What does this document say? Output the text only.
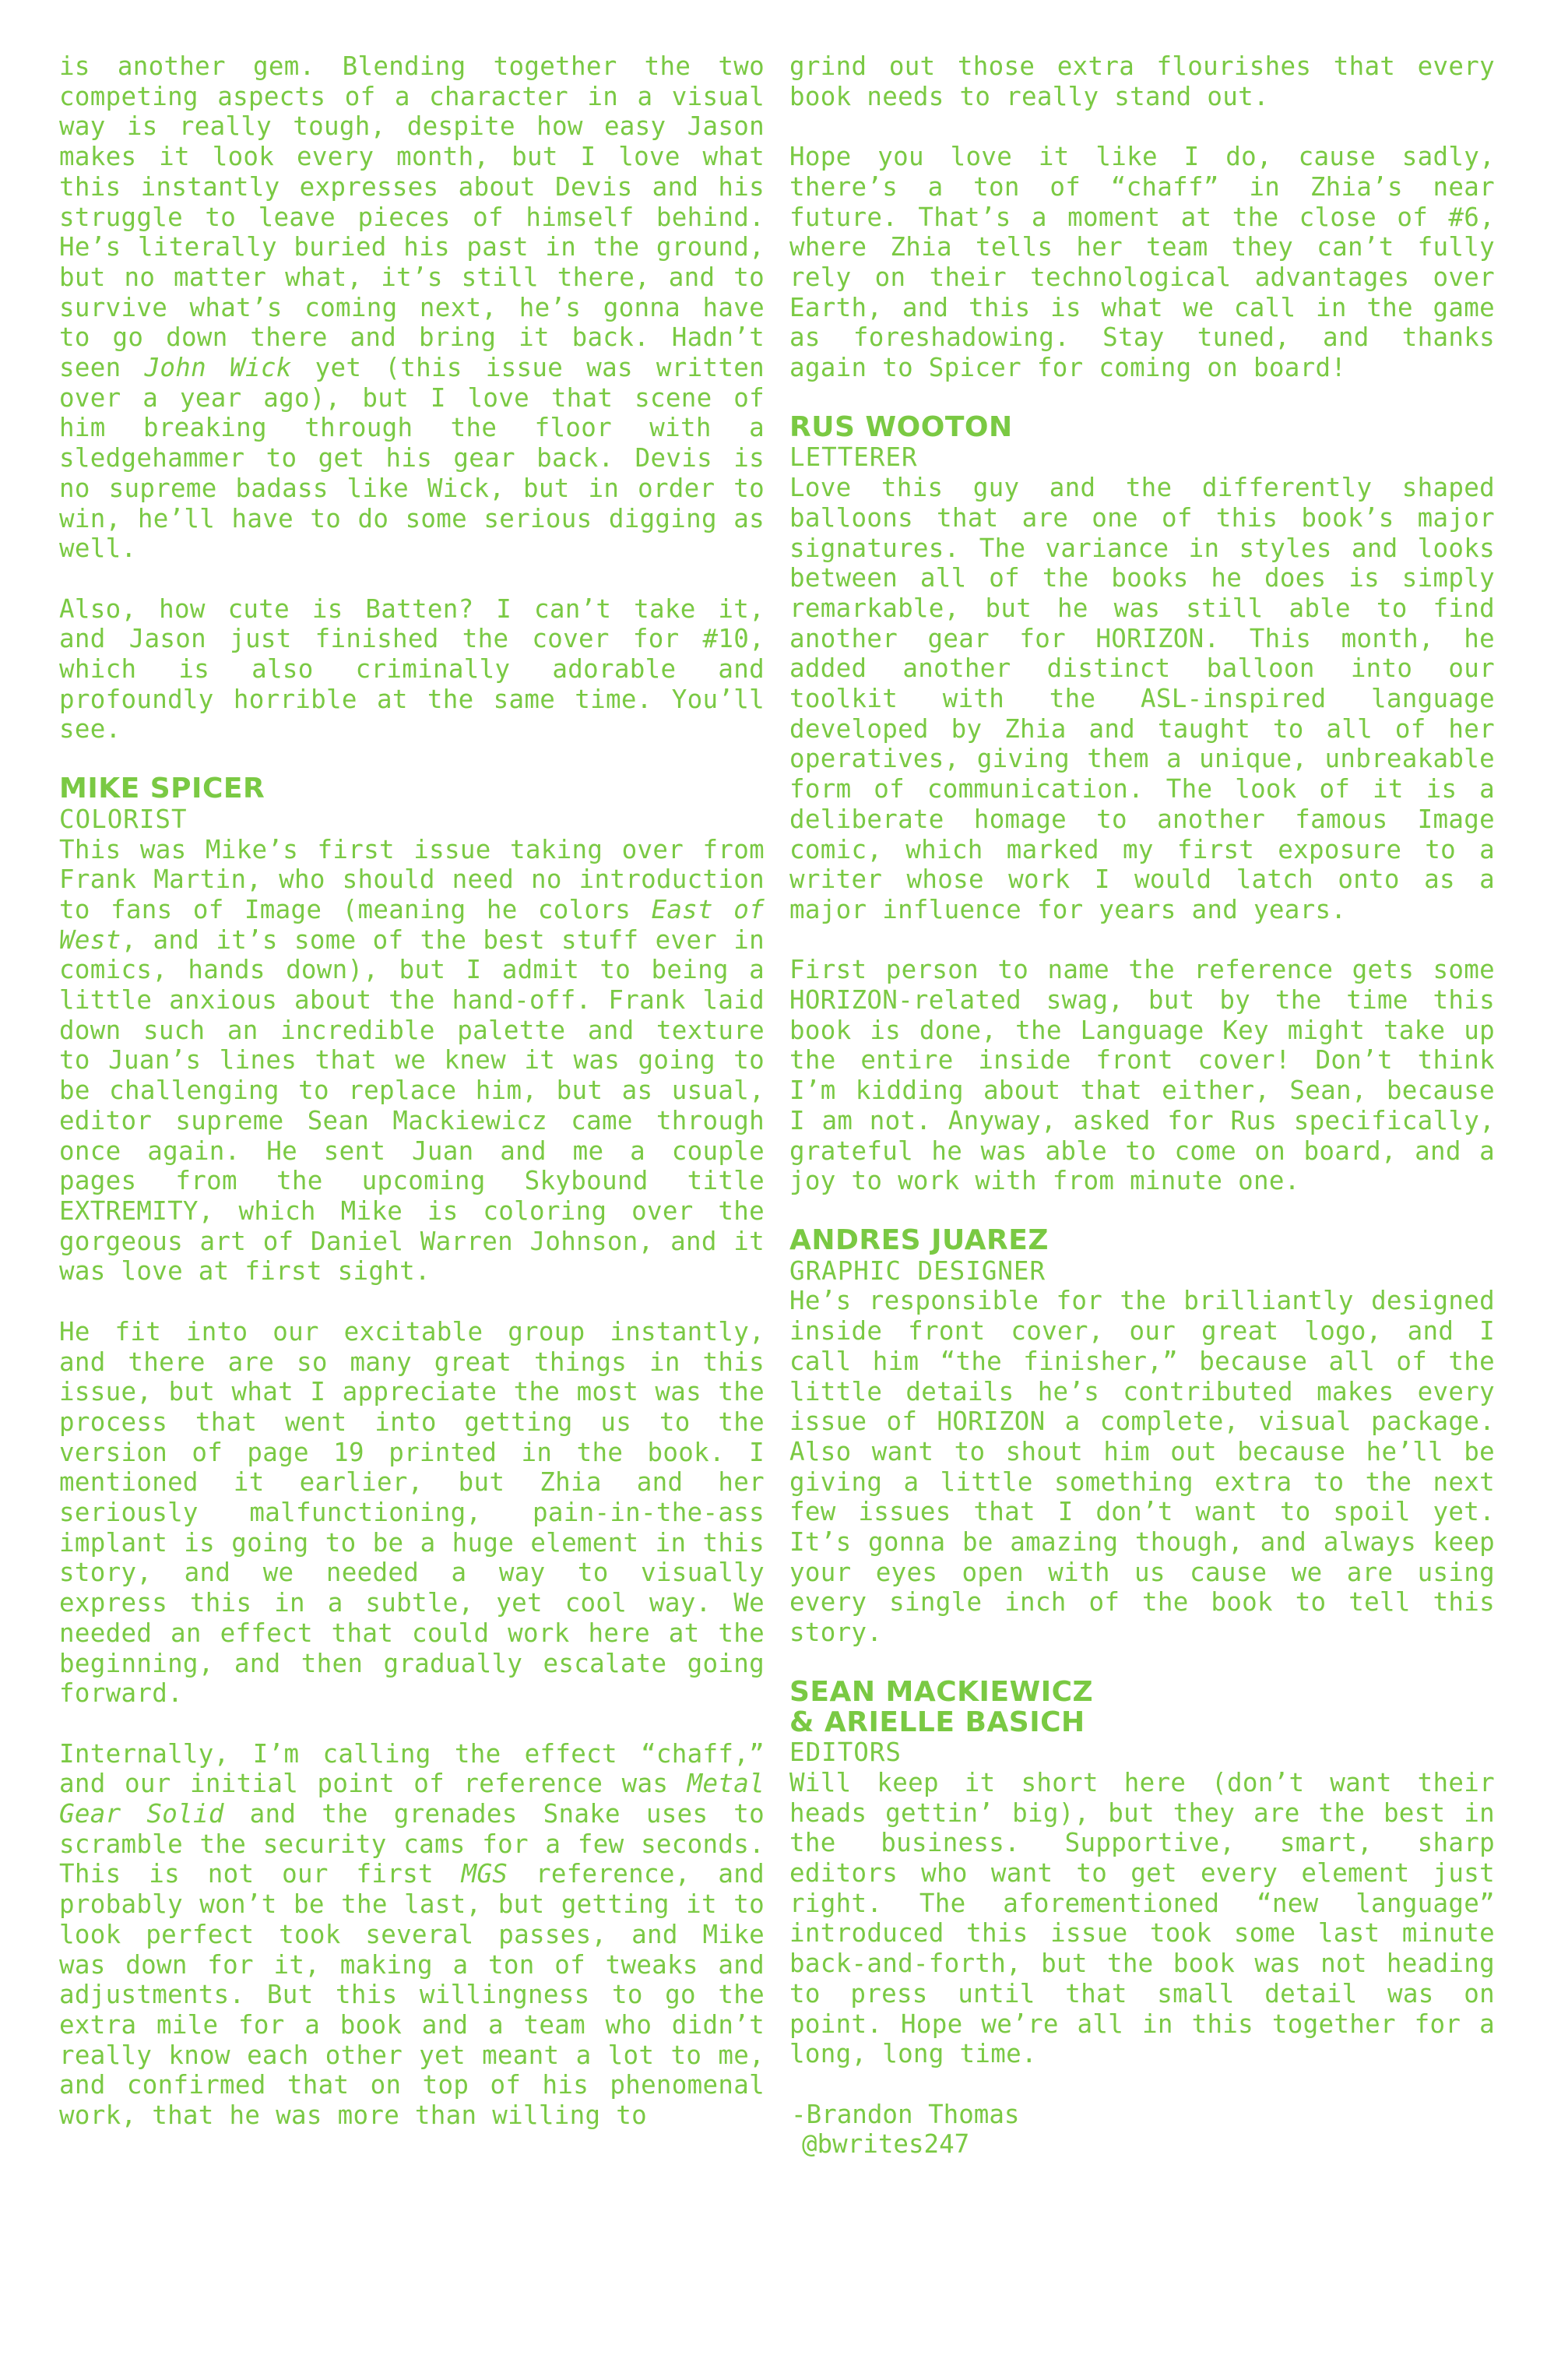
is another gem. Blending together the two competing aspects of a character in a visual way is really tough, despite how easy Jason makes it look every month, but I love what this instantly expresses about Devis and his struggle to leave pieces of himself behind. He’s literally buried his past in the ground, but no matter what, it’s still there, and to survive what’s coming next, he’s gonna have to go down there and bring it back. Hadn’t seen John Wick yet (this issue was written over a year ago), but I love that scene of him breaking through the floor with a sledgehammer to get his gear back. Devis is no supreme badass like Wick, but in order to win, he’ll have to do some serious digging as well.

Also, how cute is Batten? I can’t take it, and Jason just finished the cover for #10, which is also criminally adorable and profoundly horrible at the same time. You’ll see.

MIKE SPICER

COLORIST

This was Mike’s first issue taking over from Frank Martin, who should need no introduction to fans of Image (meaning he colors East of West, and it’s some of the best stuff ever in comics, hands down), but I admit to being a little anxious about the hand-off. Frank laid down such an incredible palette and texture to Juan’s lines that we knew it was going to be challenging to replace him, but as usual, editor supreme Sean Mackiewicz came through once again. He sent Juan and me a couple pages from the upcoming Skybound title EXTREMITY, which Mike is coloring over the gorgeous art of Daniel Warren Johnson, and it was love at first sight.

He fit into our excitable group instantly, and there are so many great things in this issue, but what I appreciate the most was the process that went into getting us to the version of page 19 printed in the book. I mentioned it earlier, but Zhia and her seriously malfunctioning, pain-in-the-ass implant is going to be a huge element in this story, and we needed a way to visually express this in a subtle, yet cool way. We needed an effect that could work here at the beginning, and then gradually escalate going forward.

Internally, I’m calling the effect “chaff,” and our initial point of reference was Metal Gear Solid and the grenades Snake uses to scramble the security cams for a few seconds. This is not our first MGS reference, and probably won’t be the last, but getting it to look perfect took several passes, and Mike was down for it, making a ton of tweaks and adjustments. But this willingness to go the extra mile for a book and a team who didn’t really know each other yet meant a lot to me, and confirmed that on top of his phenomenal work, that he was more than willing to

grind out those extra flourishes that every book needs to really stand out.

Hope you love it like I do, cause sadly, there’s a ton of “chaff” in Zhia’s near future. That’s a moment at the close of #6, where Zhia tells her team they can’t fully rely on their technological advantages over Earth, and this is what we call in the game as foreshadowing. Stay tuned, and thanks again to Spicer for coming on board!

RUS WOOTON

LETTERER

Love this guy and the differently shaped balloons that are one of this book’s major signatures. The variance in styles and looks between all of the books he does is simply remarkable, but he was still able to find another gear for HORIZON. This month, he added another distinct balloon into our toolkit with the ASL-inspired language developed by Zhia and taught to all of her operatives, giving them a unique, unbreakable form of communication. The look of it is a deliberate homage to another famous Image comic, which marked my first exposure to a writer whose work I would latch onto as a major influence for years and years.

First person to name the reference gets some HORIZON-related swag, but by the time this book is done, the Language Key might take up the entire inside front cover! Don’t think I’m kidding about that either, Sean, because I am not. Anyway, asked for Rus specifically, grateful he was able to come on board, and a joy to work with from minute one.

ANDRES JUAREZ

GRAPHIC DESIGNER

He’s responsible for the brilliantly designed inside front cover, our great logo, and I call him “the finisher,” because all of the little details he’s contributed makes every issue of HORIZON a complete, visual package. Also want to shout him out because he’ll be giving a little something extra to the next few issues that I don’t want to spoil yet. It’s gonna be amazing though, and always keep your eyes open with us cause we are using every single inch of the book to tell this story.

SEAN MACKIEWICZ
& ARIELLE BASICH

EDITORS

Will keep it short here (don’t want their heads gettin’ big), but they are the best in the business. Supportive, smart, sharp editors who want to get every element just right. The aforementioned “new language” introduced this issue took some last minute back-and-forth, but the book was not heading to press until that small detail was on point. Hope we’re all in this together for a long, long time.

-Brandon Thomas
@bwrites247
